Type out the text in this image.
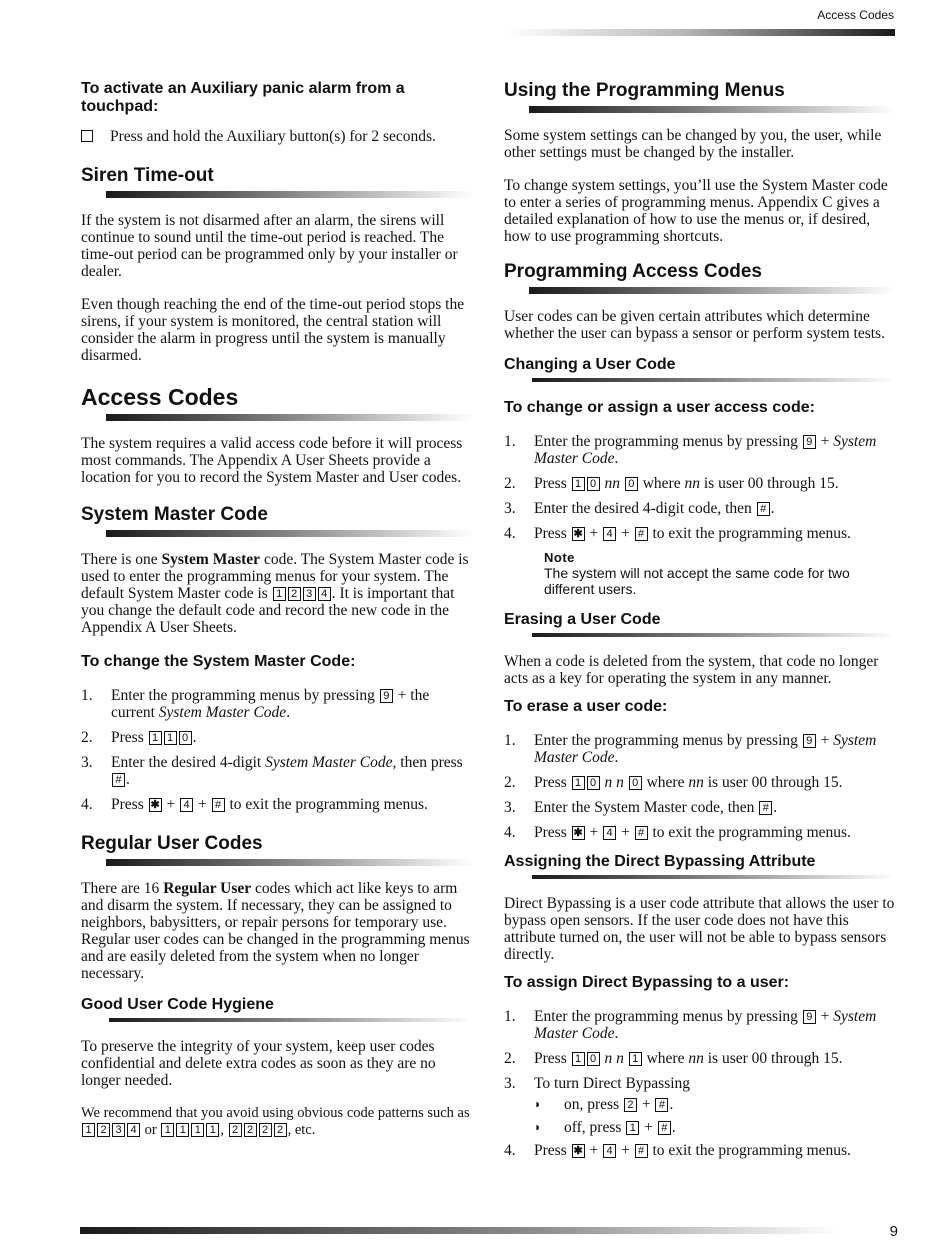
Access Codes
To activate an Auxiliary panic alarm from a touchpad:
Press and hold the Auxiliary button(s) for 2 seconds.
Siren Time-out

If the system is not disarmed after an alarm, the sirens will continue to sound until the time-out period is reached. The time-out period can be programmed only by your installer or dealer.

Even though reaching the end of the time-out period stops the sirens, if your system is monitored, the central station will consider the alarm in progress until the system is manually disarmed.

Access Codes

The system requires a valid access code before it will process most commands. The Appendix A User Sheets provide a location for you to record the System Master and User codes.

System Master Code

There is one System Master code. The System Master code is used to enter the programming menus for your system. The default System Master code is 1 2 3 4 . It is important that you change the default code and record the new code in the Appendix A User Sheets.

To change the System Master Code:
1.	Enter the programming menus by pressing 9 + the current System Master Code.
2.	Press 1 1 0 .
3.	Enter the desired 4-digit System Master Code, then press # .
4.	Press ✱ + 4 + # to exit the programming menus.
Regular User Codes

There are 16 Regular User codes which act like keys to arm and disarm the system. If necessary, they can be assigned to neighbors, babysitters, or repair persons for temporary use. Regular user codes can be changed in the programming menus and are easily deleted from the system when no longer necessary.

Good User Code Hygiene

To preserve the integrity of your system, keep user codes confidential and delete extra codes as soon as they are no longer needed.

We recommend that you avoid using obvious code patterns such as 1 2 3 4 or 1 1 1 1 , 2 2 2 2 , etc.

Using the Programming Menus

Some system settings can be changed by you, the user, while other settings must be changed by the installer.

To change system settings, you’ll use the System Master code to enter a series of programming menus. Appendix C gives a detailed explanation of how to use the menus or, if desired, how to use programming shortcuts.

Programming Access Codes

User codes can be given certain attributes which determine whether the user can bypass a sensor or perform system tests.

Changing a User Code
To change or assign a user access code:
1.	Enter the programming menus by pressing 9 + System Master Code.
2.	Press 1 0 nn 0 where nn is user 00 through 15.
3.	Enter the desired 4-digit code, then # .
4.	Press ✱ + 4 + # to exit the programming menus.
Note
The system will not accept the same code for two different users.
Erasing a User Code

When a code is deleted from the system, that code no longer acts as a key for operating the system in any manner.

To erase a user code:
1.	Enter the programming menus by pressing 9 + System Master Code.
2.	Press 1 0 n n 0 where nn is user 00 through 15.
3.	Enter the System Master code, then # .
4.	Press ✱ + 4 + # to exit the programming menus.
Assigning the Direct Bypassing Attribute

Direct Bypassing is a user code attribute that allows the user to bypass open sensors. If the user code does not have this attribute turned on, the user will not be able to bypass sensors directly.

To assign Direct Bypassing to a user:
1.	Enter the programming menus by pressing 9 + System Master Code.
2.	Press 1 0 n n 1 where nn is user 00 through 15.
3.	To turn Direct Bypassing
◗	on, press 2 + # .
◗	off, press 1 + # .
4.	Press ✱ + 4 + # to exit the programming menus.
9
